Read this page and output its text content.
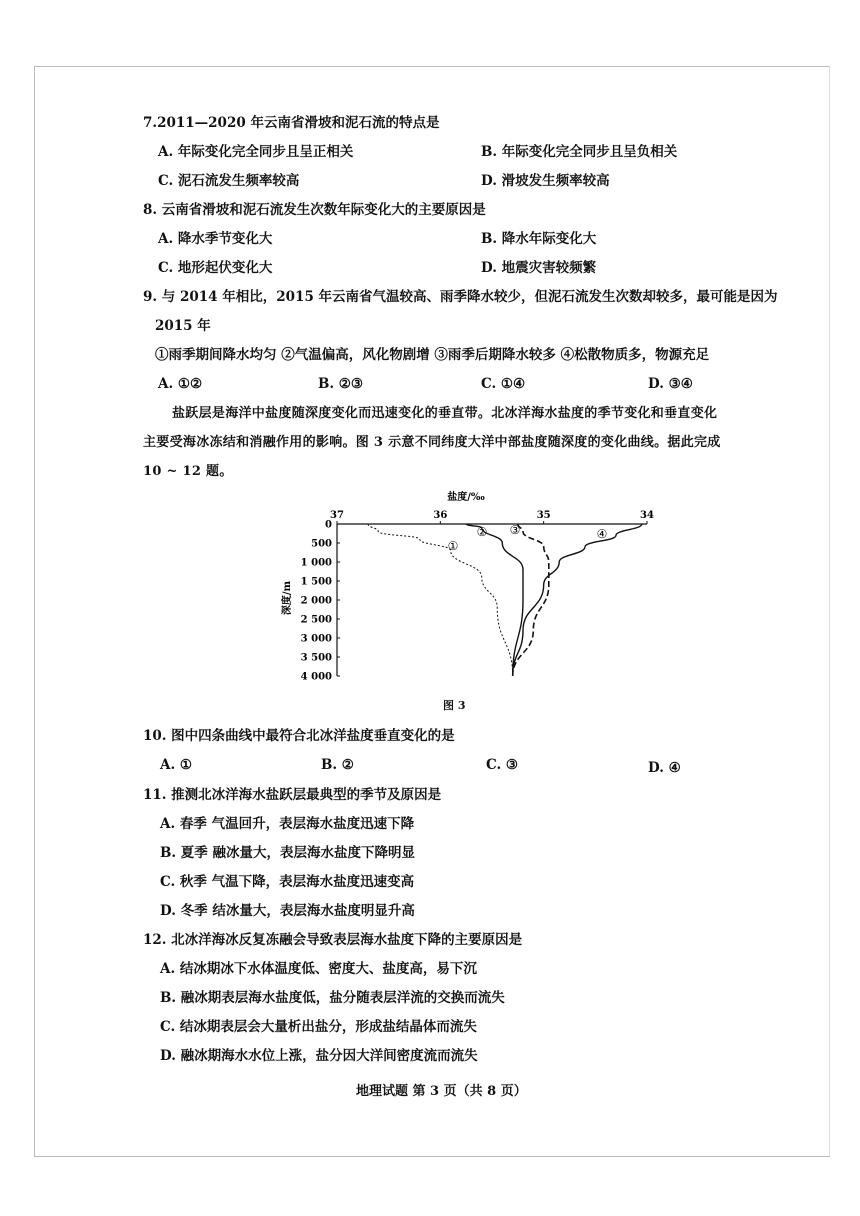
7.2011—2020 年云南省滑坡和泥石流的特点是
A. 年际变化完全同步且呈正相关	B. 年际变化完全同步且呈负相关
C. 泥石流发生频率较高	D. 滑坡发生频率较高
8. 云南省滑坡和泥石流发生次数年际变化大的主要原因是
A. 降水季节变化大	B. 降水年际变化大
C. 地形起伏变化大	D. 地震灾害较频繁
9. 与 2014 年相比，2015 年云南省气温较高、雨季降水较少，但泥石流发生次数却较多，最可能是因为
2015 年
①雨季期间降水均匀 ②气温偏高，风化物剧增 ③雨季后期降水较多 ④松散物质多，物源充足
A. ①②	B. ②③	C. ①④	D. ③④
盐跃层是海洋中盐度随深度变化而迅速变化的垂直带。北冰洋海水盐度的季节变化和垂直变化
主要受海冰冻结和消融作用的影响。图 3 示意不同纬度大洋中部盐度随深度的变化曲线。据此完成
10 ~ 12 题。
盐度/‰
37	36	35	34
0
500
1 000
1 500
2 000
2 500
3 000
3 500
4 000
深度/m
①
② ③	④
图 3
10. 图中四条曲线中最符合北冰洋盐度垂直变化的是
A. ①	B. ②	C. ③	D. ④
11. 推测北冰洋海水盐跃层最典型的季节及原因是
A. 春季 气温回升，表层海水盐度迅速下降
B. 夏季 融冰量大，表层海水盐度下降明显
C. 秋季 气温下降，表层海水盐度迅速变高
D. 冬季 结冰量大，表层海水盐度明显升高
12. 北冰洋海冰反复冻融会导致表层海水盐度下降的主要原因是
A. 结冰期冰下水体温度低、密度大、盐度高，易下沉
B. 融冰期表层海水盐度低，盐分随表层洋流的交换而流失
C. 结冰期表层会大量析出盐分，形成盐结晶体而流失
D. 融冰期海水水位上涨，盐分因大洋间密度流而流失
地理试题 第 3 页（共 8 页）
